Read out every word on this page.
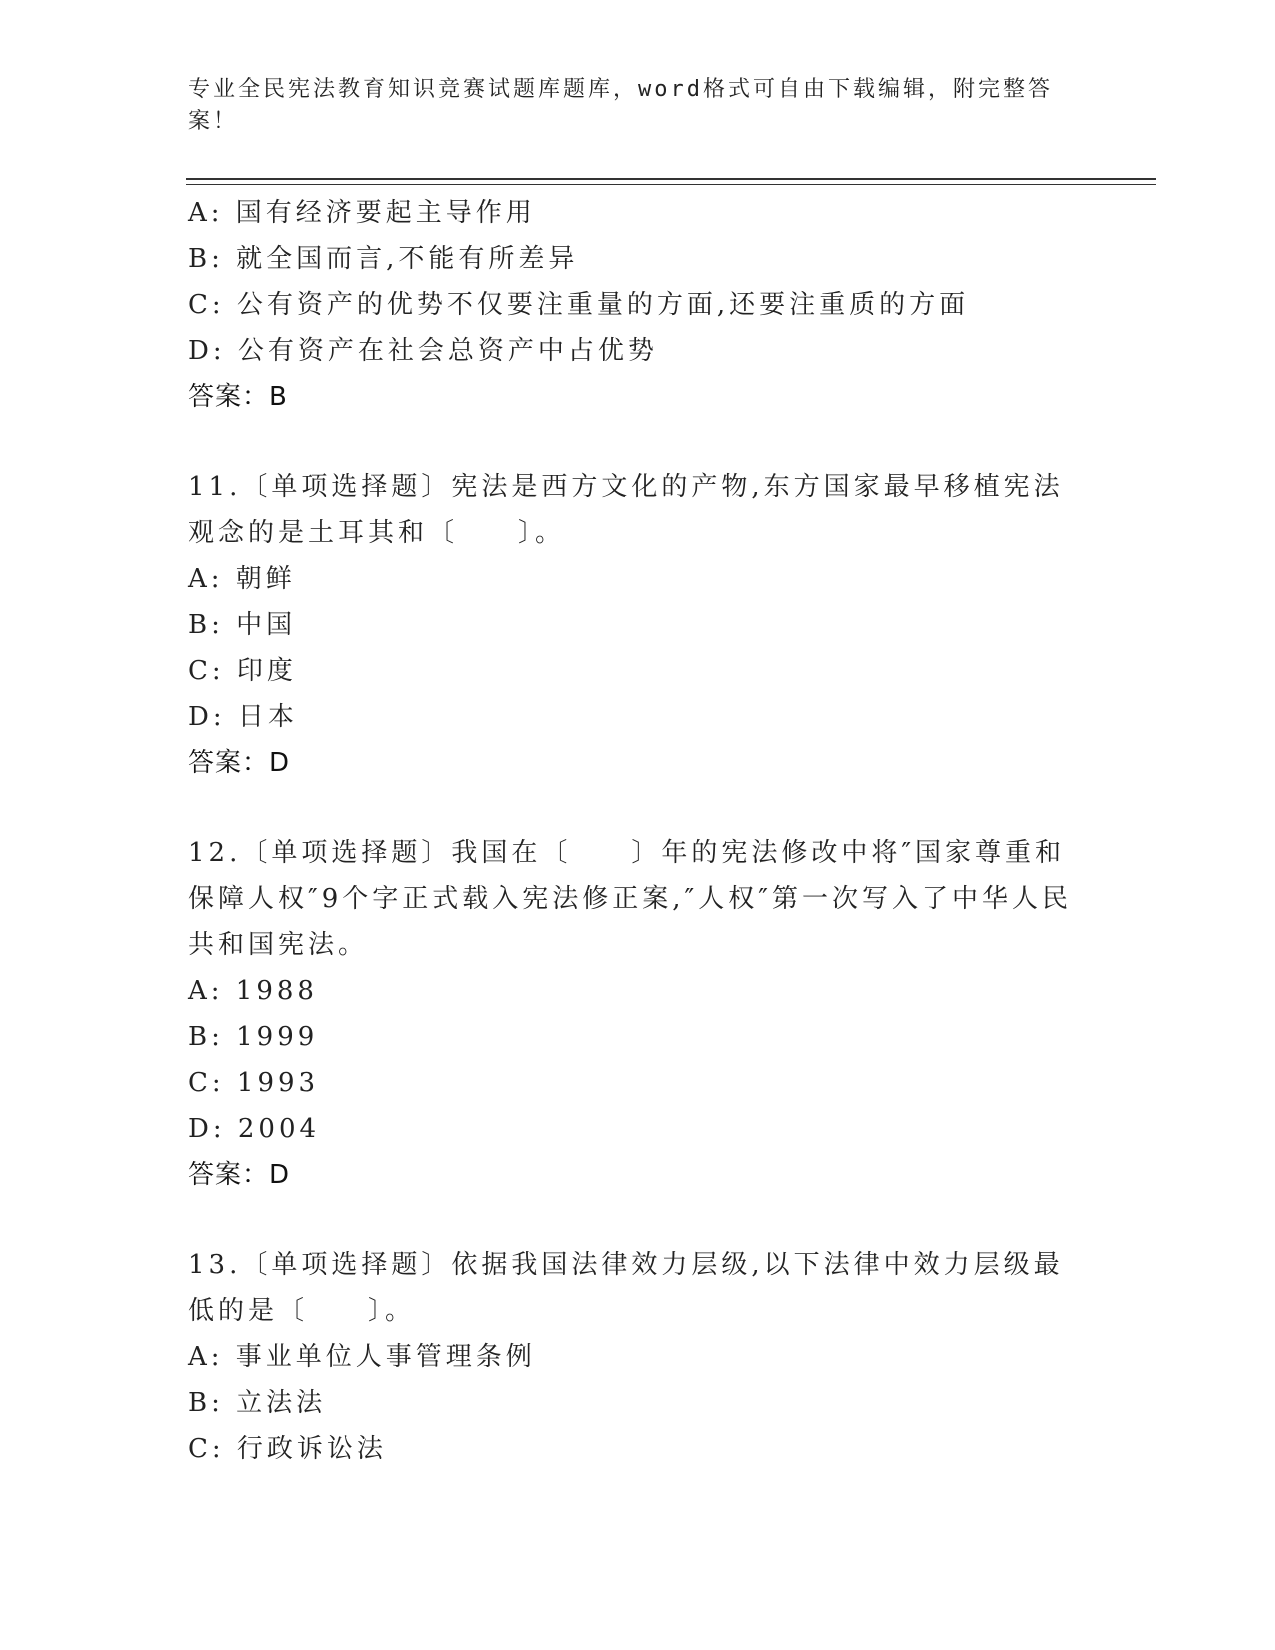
专业全民宪法教育知识竞赛试题库题库，word格式可自由下载编辑，附完整答案！
A: 国有经济要起主导作用
B: 就全国而言,不能有所差异
C: 公有资产的优势不仅要注重量的方面,还要注重质的方面
D: 公有资产在社会总资产中占优势
答案：B
11.〔单项选择题〕宪法是西方文化的产物,东方国家最早移植宪法观念的是土耳其和〔　　〕。
A: 朝鲜
B: 中国
C: 印度
D: 日本
答案：D
12.〔单项选择题〕我国在〔　　〕年的宪法修改中将″国家尊重和保障人权″9个字正式载入宪法修正案,″人权″第一次写入了中华人民共和国宪法。
A: 1988
B: 1999
C: 1993
D: 2004
答案：D
13.〔单项选择题〕依据我国法律效力层级,以下法律中效力层级最低的是〔　　〕。
A: 事业单位人事管理条例
B: 立法法
C: 行政诉讼法
